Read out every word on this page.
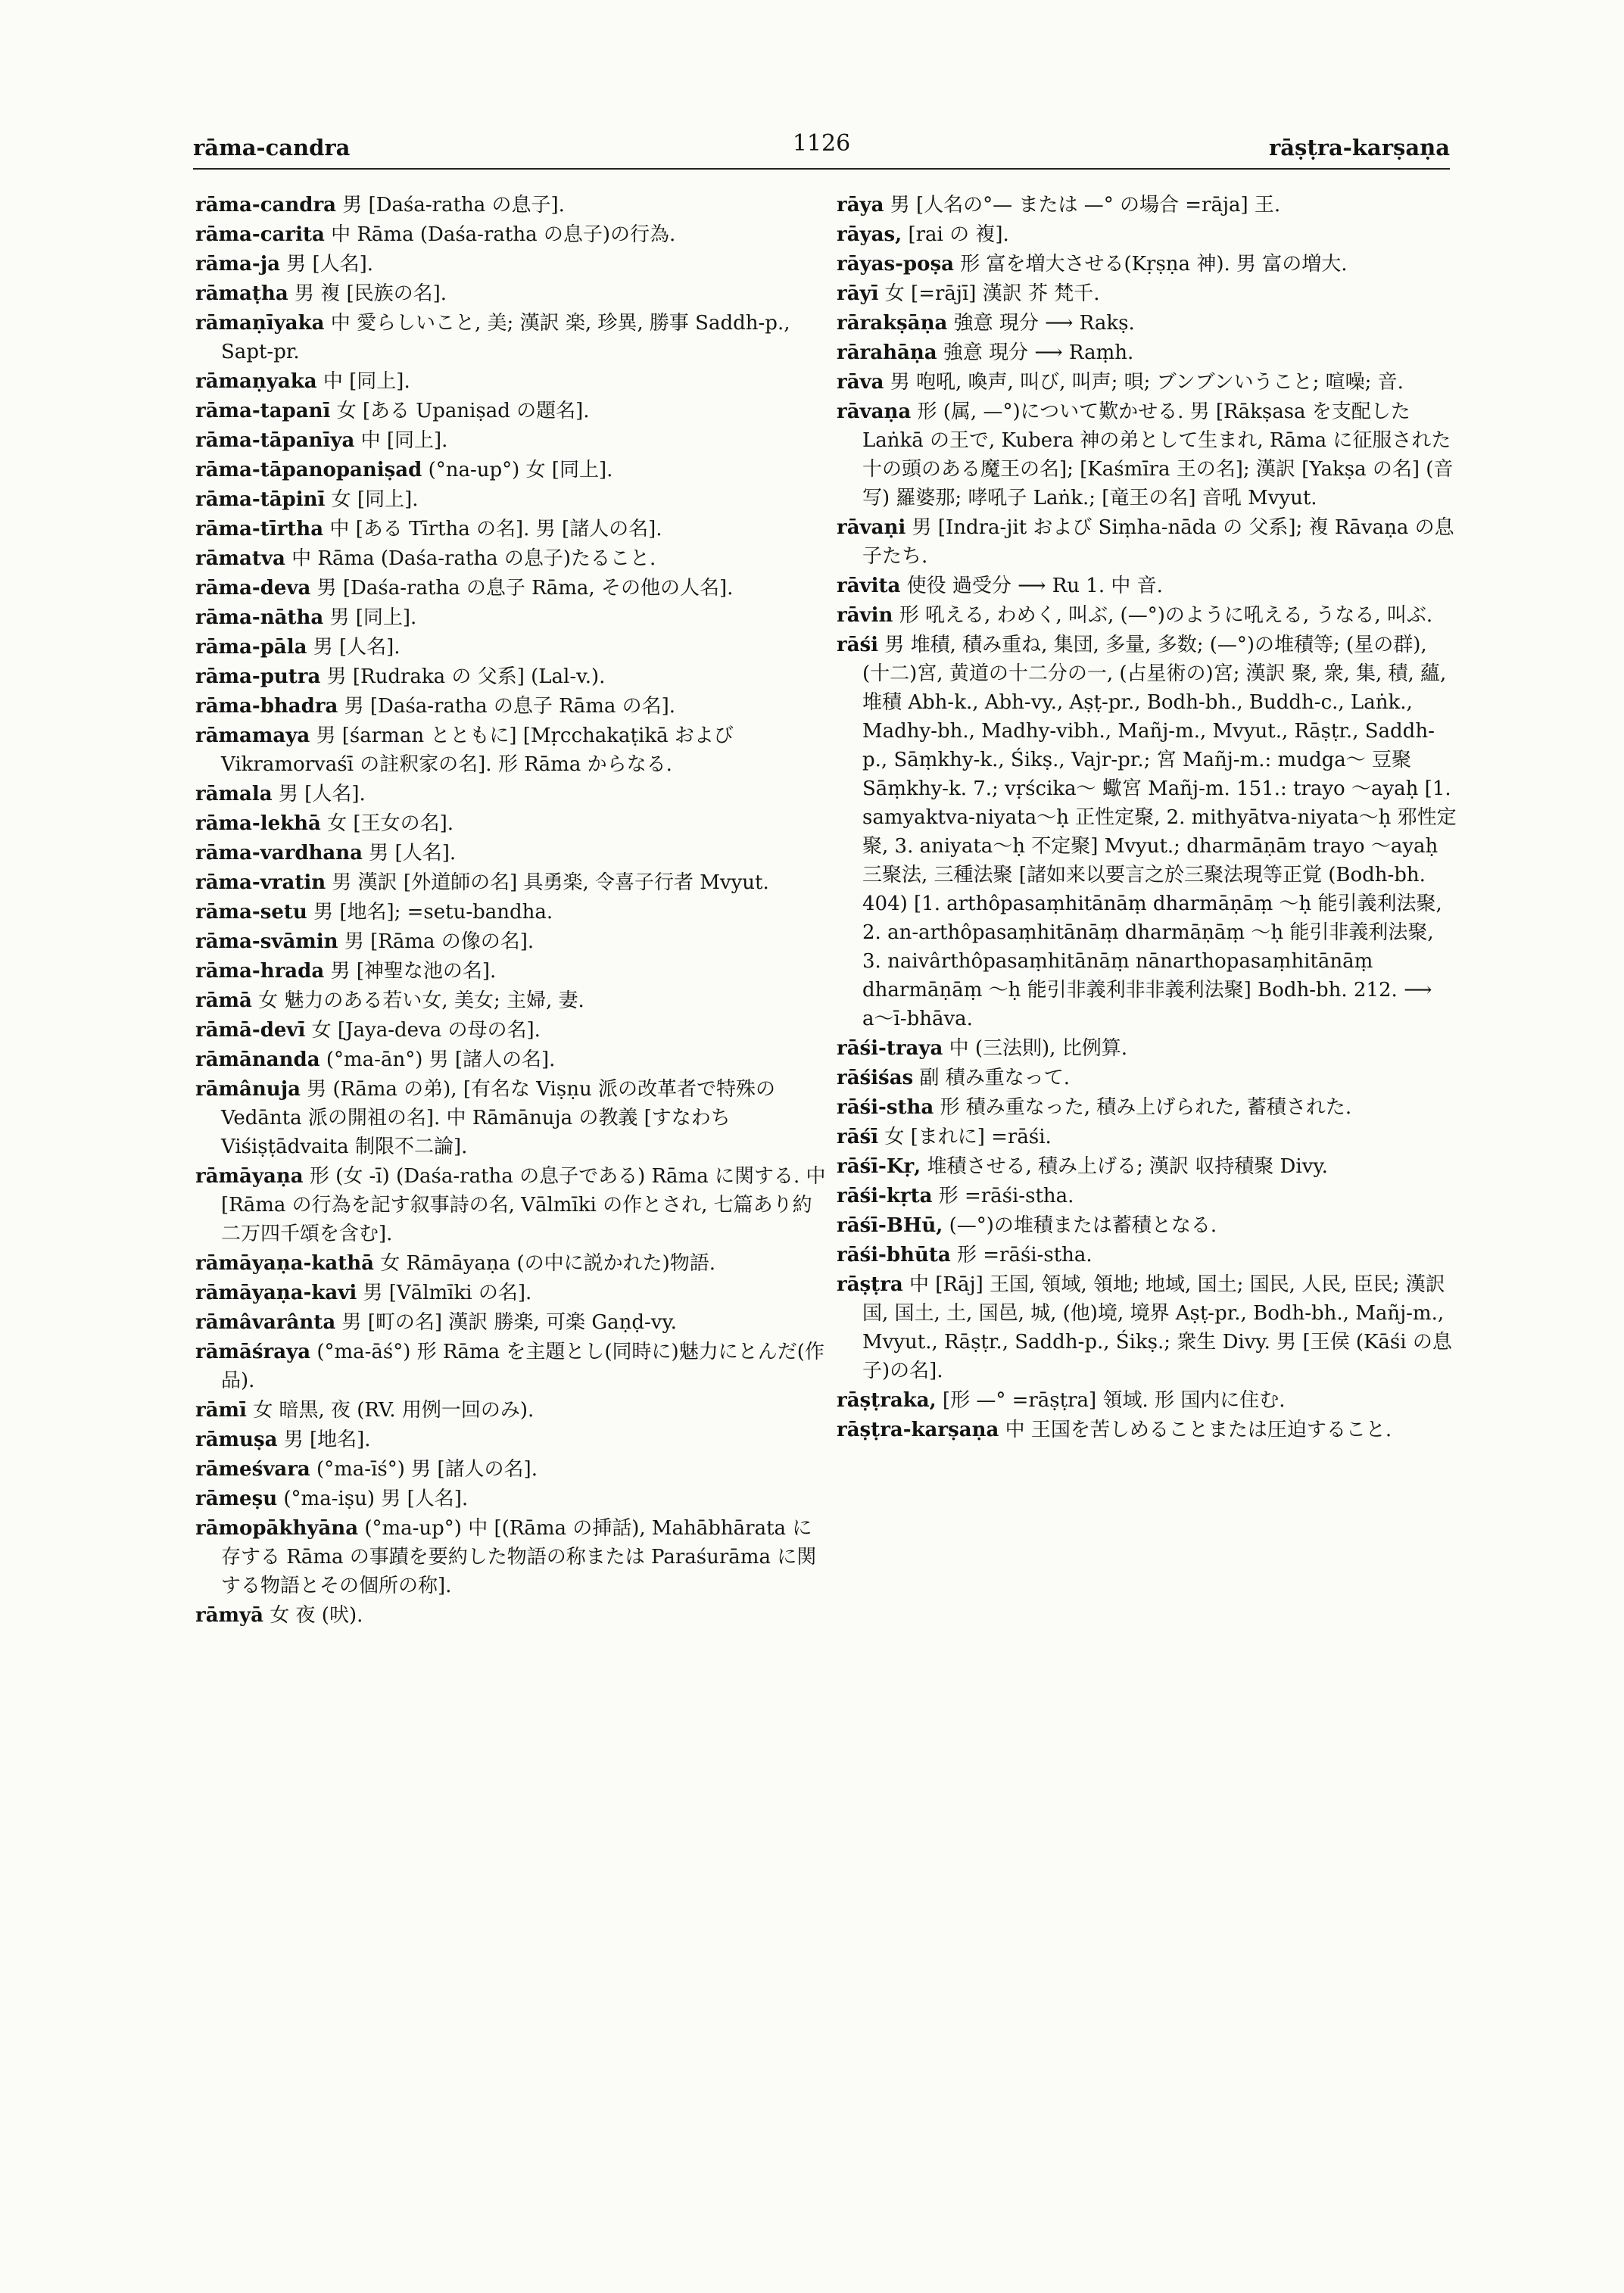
rāma-candra	1126	rāṣṭra-karṣaṇa
rāma-candra 男 [Daśa-ratha の息子].
rāma-carita 中 Rāma (Daśa-ratha の息子)の行為.
rāma-ja 男 [人名].
rāmaṭha 男 複 [民族の名].
rāmaṇīyaka 中 愛らしいこと, 美; 漢訳 楽, 珍異, 勝事 Saddh-p., Sapt-pr.
rāmaṇyaka 中 [同上].
rāma-tapanī 女 [ある Upaniṣad の題名].
rāma-tāpanīya 中 [同上].
rāma-tāpanopaniṣad (°na-up°) 女 [同上].
rāma-tāpinī 女 [同上].
rāma-tīrtha 中 [ある Tīrtha の名]. 男 [諸人の名].
rāmatva 中 Rāma (Daśa-ratha の息子)たること.
rāma-deva 男 [Daśa-ratha の息子 Rāma, その他の人名].
rāma-nātha 男 [同上].
rāma-pāla 男 [人名].
rāma-putra 男 [Rudraka の 父系] (Lal-v.).
rāma-bhadra 男 [Daśa-ratha の息子 Rāma の名].
rāmamaya 男 [śarman とともに] [Mṛcchakaṭikā および Vikramorvaśī の註釈家の名]. 形 Rāma からなる.
rāmala 男 [人名].
rāma-lekhā 女 [王女の名].
rāma-vardhana 男 [人名].
rāma-vratin 男 漢訳 [外道師の名] 具勇楽, 令喜子行者 Mvyut.
rāma-setu 男 [地名]; =setu-bandha.
rāma-svāmin 男 [Rāma の像の名].
rāma-hrada 男 [神聖な池の名].
rāmā 女 魅力のある若い女, 美女; 主婦, 妻.
rāmā-devī 女 [Jaya-deva の母の名].
rāmānanda (°ma-ān°) 男 [諸人の名].
rāmânuja 男 (Rāma の弟), [有名な Viṣṇu 派の改革者で特殊の Vedānta 派の開祖の名]. 中 Rāmānuja の教義 [すなわち Viśiṣṭādvaita 制限不二論].
rāmāyaṇa 形 (女 -ī) (Daśa-ratha の息子である) Rāma に関する. 中 [Rāma の行為を記す叙事詩の名, Vālmīki の作とされ, 七篇あり約二万四千頌を含む].
rāmāyaṇa-kathā 女 Rāmāyaṇa (の中に説かれた)物語.
rāmāyaṇa-kavi 男 [Vālmīki の名].
rāmâvarânta 男 [町の名] 漢訳 勝楽, 可楽 Gaṇḍ-vy.
rāmāśraya (°ma-āś°) 形 Rāma を主題とし(同時に)魅力にとんだ(作品).
rāmī 女 暗黒, 夜 (RV. 用例一回のみ).
rāmuṣa 男 [地名].
rāmeśvara (°ma-īś°) 男 [諸人の名].
rāmeṣu (°ma-iṣu) 男 [人名].
rāmopākhyāna (°ma-up°) 中 [(Rāma の挿話), Mahābhārata に存する Rāma の事蹟を要約した物語の称または Paraśurāma に関する物語とその個所の称].
rāmyā 女 夜 (吠).
rāya 男 [人名の°— または —° の場合 =rāja] 王.
rāyas, [rai の 複].
rāyas-poṣa 形 富を増大させる(Kṛṣṇa 神). 男 富の増大.
rāyī 女 [=rājī] 漢訳 芥 梵千.
rārakṣāṇa 強意 現分 ⟶ Rakṣ.
rārahāṇa 強意 現分 ⟶ Raṃh.
rāva 男 咆吼, 喚声, 叫び, 叫声; 唄; ブンブンいうこと; 喧噪; 音.
rāvaṇa 形 (属, —°)について歎かせる. 男 [Rākṣasa を支配した Laṅkā の王で, Kubera 神の弟として生まれ, Rāma に征服された十の頭のある魔王の名]; [Kaśmīra 王の名]; 漢訳 [Yakṣa の名] (音写) 羅婆那; 哮吼子 Laṅk.; [竜王の名] 音吼 Mvyut.
rāvaṇi 男 [Indra-jit および Siṃha-nāda の 父系]; 複 Rāvaṇa の息子たち.
rāvita 使役 過受分 ⟶ Ru 1. 中 音.
rāvin 形 吼える, わめく, 叫ぶ, (—°)のように吼える, うなる, 叫ぶ.
rāśi 男 堆積, 積み重ね, 集団, 多量, 多数; (—°)の堆積等; (星の群), (十二)宮, 黄道の十二分の一, (占星術の)宮; 漢訳 聚, 衆, 集, 積, 蘊, 堆積 Abh-k., Abh-vy., Aṣṭ-pr., Bodh-bh., Buddh-c., Laṅk., Madhy-bh., Madhy-vibh., Mañj-m., Mvyut., Rāṣṭr., Saddh-p., Sāṃkhy-k., Śikṣ., Vajr-pr.; 宮 Mañj-m.: mudga〜 豆聚 Sāṃkhy-k. 7.; vṛścika〜 蠍宮 Mañj-m. 151.: trayo 〜ayaḥ [1. samyaktva-niyata〜ḥ 正性定聚, 2. mithyātva-niyata〜ḥ 邪性定聚, 3. aniyata〜ḥ 不定聚] Mvyut.; dharmāṇām trayo 〜ayaḥ 三聚法, 三種法聚 [諸如来以要言之於三聚法現等正覚 (Bodh-bh. 404) [1. arthôpasaṃhitānāṃ dharmāṇāṃ 〜ḥ 能引義利法聚, 2. an-arthôpasaṃhitānāṃ dharmāṇāṃ 〜ḥ 能引非義利法聚, 3. naivârthôpasaṃhitānāṃ nānarthopasaṃhitānāṃ dharmāṇāṃ 〜ḥ 能引非義利非非義利法聚] Bodh-bh. 212. ⟶ a〜ī-bhāva.
rāśi-traya 中 (三法則), 比例算.
rāśiśas 副 積み重なって.
rāśi-stha 形 積み重なった, 積み上げられた, 蓄積された.
rāśī 女 [まれに] =rāśi.
rāśī-Kṛ, 堆積させる, 積み上げる; 漢訳 収持積聚 Divy.
rāśi-kṛta 形 =rāśi-stha.
rāśī-BHū, (—°)の堆積または蓄積となる.
rāśi-bhūta 形 =rāśi-stha.
rāṣṭra 中 [Rāj] 王国, 領域, 領地; 地域, 国土; 国民, 人民, 臣民; 漢訳 国, 国土, 土, 国邑, 城, (他)境, 境界 Aṣṭ-pr., Bodh-bh., Mañj-m., Mvyut., Rāṣṭr., Saddh-p., Śikṣ.; 衆生 Divy. 男 [王侯 (Kāśi の息子)の名].
rāṣṭraka, [形 —° =rāṣṭra] 領域. 形 国内に住む.
rāṣṭra-karṣaṇa 中 王国を苦しめることまたは圧迫すること.
